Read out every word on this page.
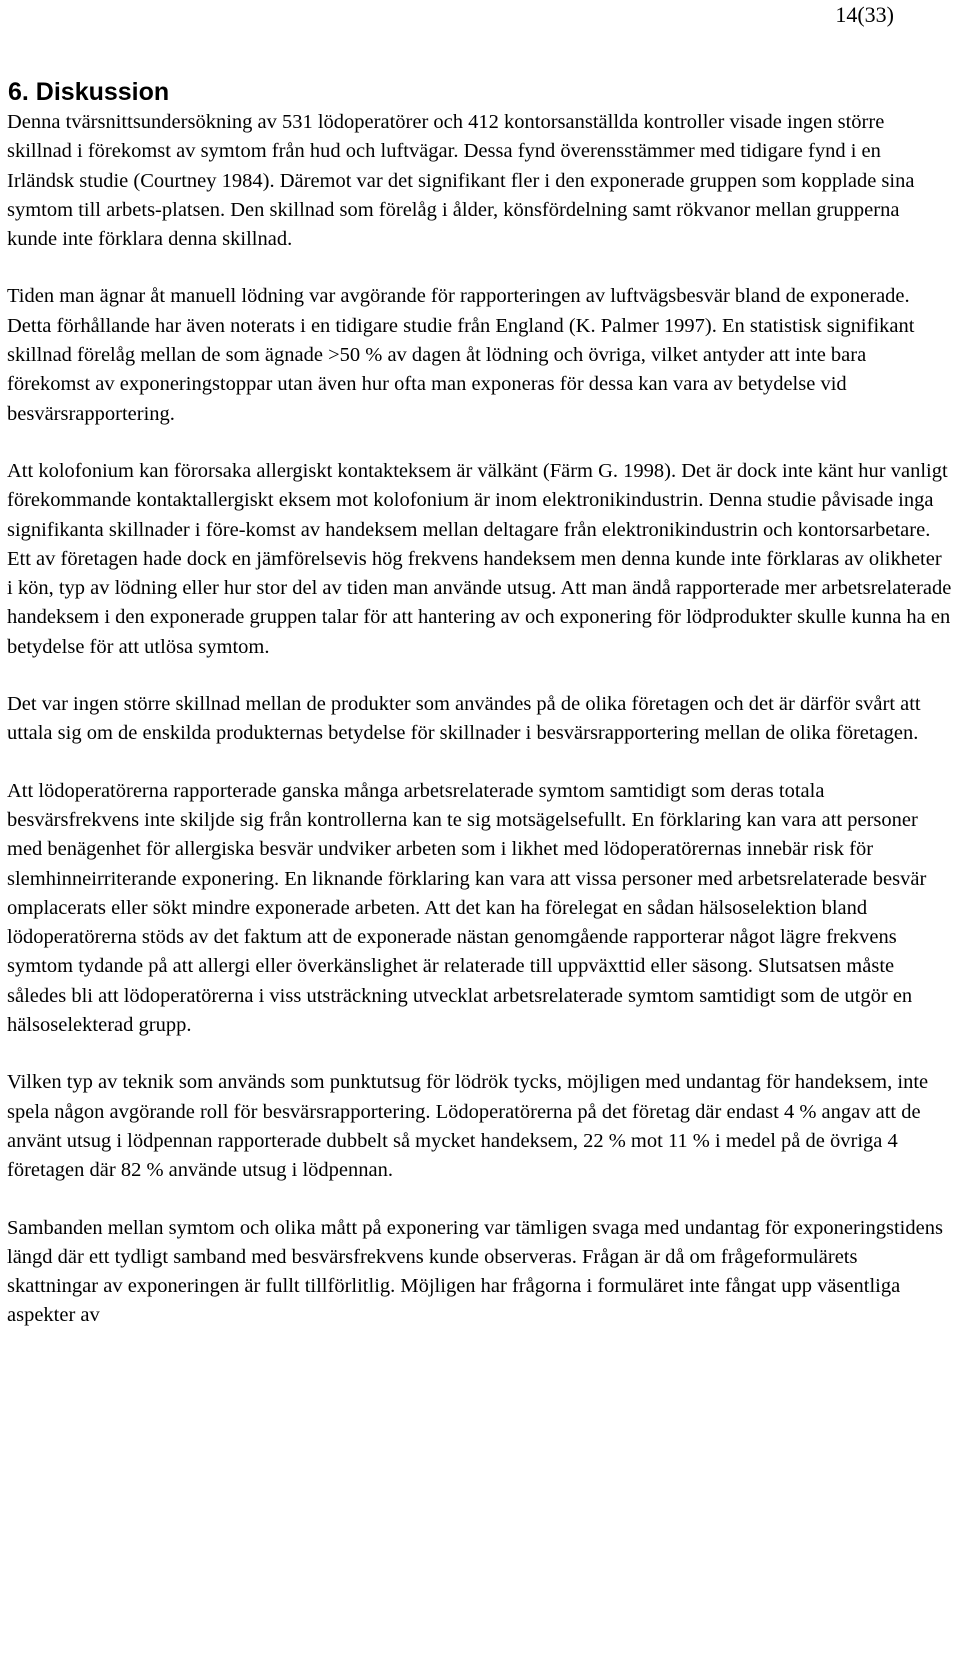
14(33)
6. Diskussion

Denna tvärsnittsundersökning av 531 lödoperatörer och 412 kontorsanställda kontroller visade ingen större skillnad i förekomst av symtom från hud och luftvägar. Dessa fynd överensstämmer med tidigare fynd i en Irländsk studie (Courtney 1984). Däremot var det signifikant fler i den exponerade gruppen som kopplade sina symtom till arbets-platsen. Den skillnad som förelåg i ålder, könsfördelning samt rökvanor mellan grupperna kunde inte förklara denna skillnad.

Tiden man ägnar åt manuell lödning var avgörande för rapporteringen av luftvägsbesvär bland de exponerade. Detta förhållande har även noterats i en tidigare studie från England (K. Palmer 1997). En statistisk signifikant skillnad förelåg mellan de som ägnade >50 % av dagen åt lödning och övriga, vilket antyder att inte bara förekomst av exponeringstoppar utan även hur ofta man exponeras för dessa kan vara av betydelse vid besvärsrapportering.

Att kolofonium kan förorsaka allergiskt kontakteksem är välkänt (Färm G. 1998). Det är dock inte känt hur vanligt förekommande kontaktallergiskt eksem mot kolofonium är inom elektronikindustrin. Denna studie påvisade inga signifikanta skillnader i före-komst av handeksem mellan deltagare från elektronikindustrin och kontorsarbetare. Ett av företagen hade dock en jämförelsevis hög frekvens handeksem men denna kunde inte förklaras av olikheter i kön, typ av lödning eller hur stor del av tiden man använde utsug. Att man ändå rapporterade mer arbetsrelaterade handeksem i den exponerade gruppen talar för att hantering av och exponering för lödprodukter skulle kunna ha en betydelse för att utlösa symtom.

Det var ingen större skillnad mellan de produkter som användes på de olika företagen och det är därför svårt att uttala sig om de enskilda produkternas betydelse för skillnader i besvärsrapportering mellan de olika företagen.

Att lödoperatörerna rapporterade ganska många arbetsrelaterade symtom samtidigt som deras totala besvärsfrekvens inte skiljde sig från kontrollerna kan te sig motsägelsefullt. En förklaring kan vara att personer med benägenhet för allergiska besvär undviker arbeten som i likhet med lödoperatörernas innebär risk för slemhinneirriterande exponering. En liknande förklaring kan vara att vissa personer med arbetsrelaterade besvär omplacerats eller sökt mindre exponerade arbeten. Att det kan ha förelegat en sådan hälsoselektion bland lödoperatörerna stöds av det faktum att de exponerade nästan genomgående rapporterar något lägre frekvens symtom tydande på att allergi eller överkänslighet är relaterade till uppväxttid eller säsong. Slutsatsen måste således bli att lödoperatörerna i viss utsträckning utvecklat arbetsrelaterade symtom samtidigt som de utgör en hälsoselekterad grupp.

Vilken typ av teknik som används som punktutsug för lödrök tycks, möjligen med undantag för handeksem, inte spela någon avgörande roll för besvärsrapportering. Lödoperatörerna på det företag där endast 4 % angav att de använt utsug i lödpennan rapporterade dubbelt så mycket handeksem, 22 % mot 11 % i medel på de övriga 4 företagen där 82 % använde utsug i lödpennan.

Sambanden mellan symtom och olika mått på exponering var tämligen svaga med undantag för exponeringstidens längd där ett tydligt samband med besvärsfrekvens kunde observeras. Frågan är då om frågeformulärets skattningar av exponeringen är fullt tillförlitlig. Möjligen har frågorna i formuläret inte fångat upp väsentliga aspekter av
